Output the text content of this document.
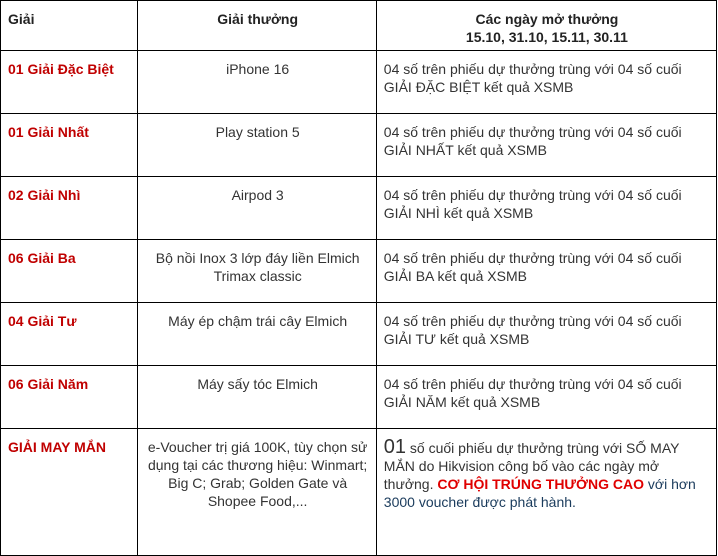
Giải	Giải thưởng	Các ngày mở thưởng
15.10, 31.10, 15.11, 30.11
01 Giải Đặc Biệt	iPhone 16	04 số trên phiếu dự thưởng trùng với 04 số cuối GIẢI ĐẶC BIỆT kết quả XSMB
01 Giải Nhất	Play station 5	04 số trên phiếu dự thưởng trùng với 04 số cuối GIẢI NHẤT kết quả XSMB
02 Giải Nhì	Airpod 3	04 số trên phiếu dự thưởng trùng với 04 số cuối GIẢI NHÌ kết quả XSMB
06 Giải Ba	Bộ nồi Inox 3 lớp đáy liền Elmich Trimax classic	04 số trên phiếu dự thưởng trùng với 04 số cuối GIẢI BA kết quả XSMB
04 Giải Tư	Máy ép chậm trái cây Elmich	04 số trên phiếu dự thưởng trùng với 04 số cuối GIẢI TƯ kết quả XSMB
06 Giải Năm	Máy sấy tóc Elmich	04 số trên phiếu dự thưởng trùng với 04 số cuối GIẢI NĂM kết quả XSMB
GIẢI MAY MẮN	e-Voucher trị giá 100K, tùy chọn sử dụng tại các thương hiệu: Winmart; Big C; Grab; Golden Gate và Shopee Food,...	01 số cuối phiếu dự thưởng trùng với SỐ MAY MẮN do Hikvision công bố vào các ngày mở thưởng. CƠ HỘI TRÚNG THƯỞNG CAO với hơn 3000 voucher được phát hành.
